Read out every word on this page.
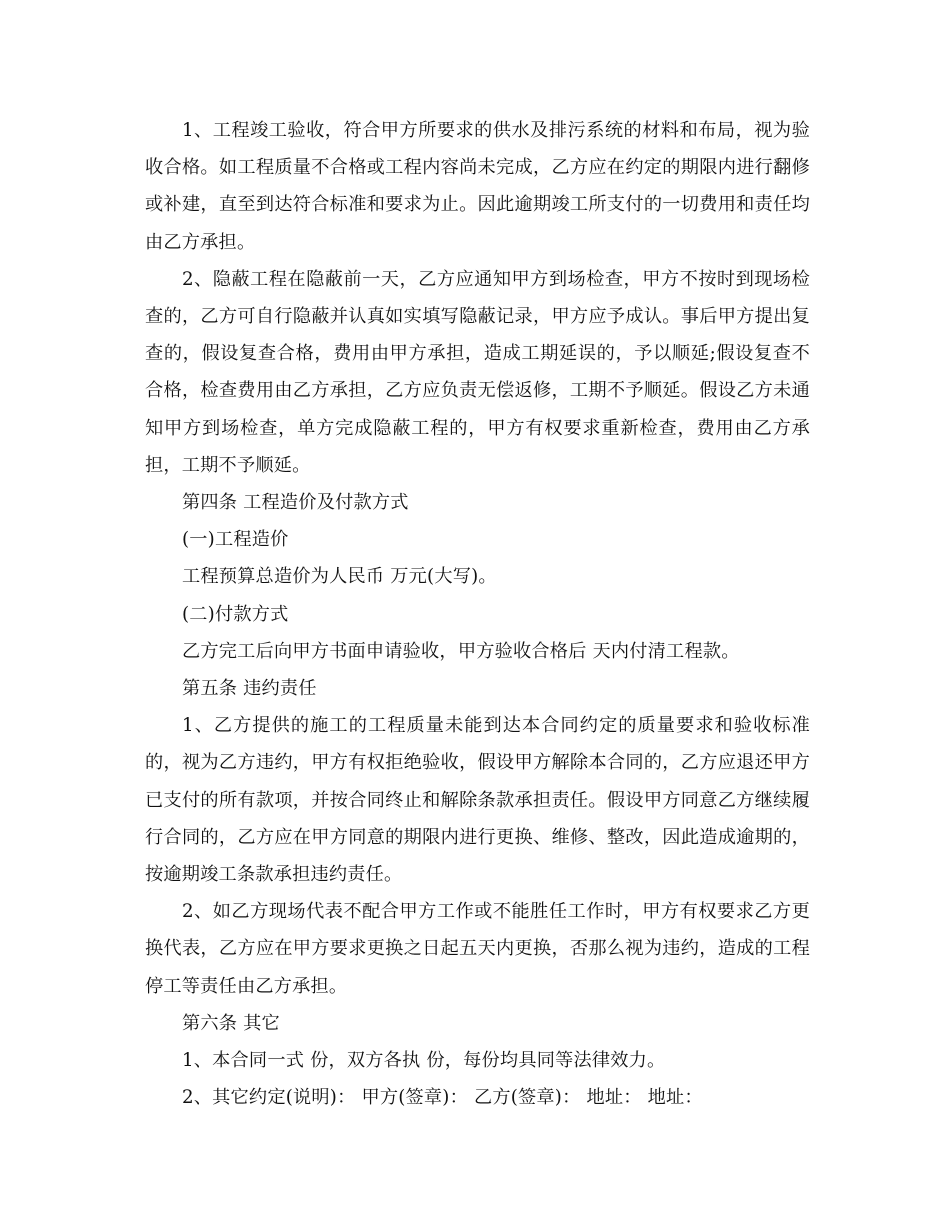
1、工程竣工验收，符合甲方所要求的供水及排污系统的材料和布局，视为验收合格。如工程质量不合格或工程内容尚未完成，乙方应在约定的期限内进行翻修或补建，直至到达符合标准和要求为止。因此逾期竣工所支付的一切费用和责任均由乙方承担。

2、隐蔽工程在隐蔽前一天，乙方应通知甲方到场检查，甲方不按时到现场检查的，乙方可自行隐蔽并认真如实填写隐蔽记录，甲方应予成认。事后甲方提出复查的，假设复查合格，费用由甲方承担，造成工期延误的，予以顺延;假设复查不合格，检查费用由乙方承担，乙方应负责无偿返修，工期不予顺延。假设乙方未通知甲方到场检查，单方完成隐蔽工程的，甲方有权要求重新检查，费用由乙方承担，工期不予顺延。

第四条 工程造价及付款方式

(一)工程造价

工程预算总造价为人民币 万元(大写)。

(二)付款方式

乙方完工后向甲方书面申请验收，甲方验收合格后 天内付清工程款。

第五条 违约责任

1、乙方提供的施工的工程质量未能到达本合同约定的质量要求和验收标准的，视为乙方违约，甲方有权拒绝验收，假设甲方解除本合同的，乙方应退还甲方已支付的所有款项，并按合同终止和解除条款承担责任。假设甲方同意乙方继续履行合同的，乙方应在甲方同意的期限内进行更换、维修、整改，因此造成逾期的，按逾期竣工条款承担违约责任。

2、如乙方现场代表不配合甲方工作或不能胜任工作时，甲方有权要求乙方更换代表，乙方应在甲方要求更换之日起五天内更换，否那么视为违约，造成的工程停工等责任由乙方承担。

第六条 其它

1、本合同一式 份，双方各执 份，每份均具同等法律效力。

2、其它约定(说明)： 甲方(签章)： 乙方(签章)： 地址： 地址：
